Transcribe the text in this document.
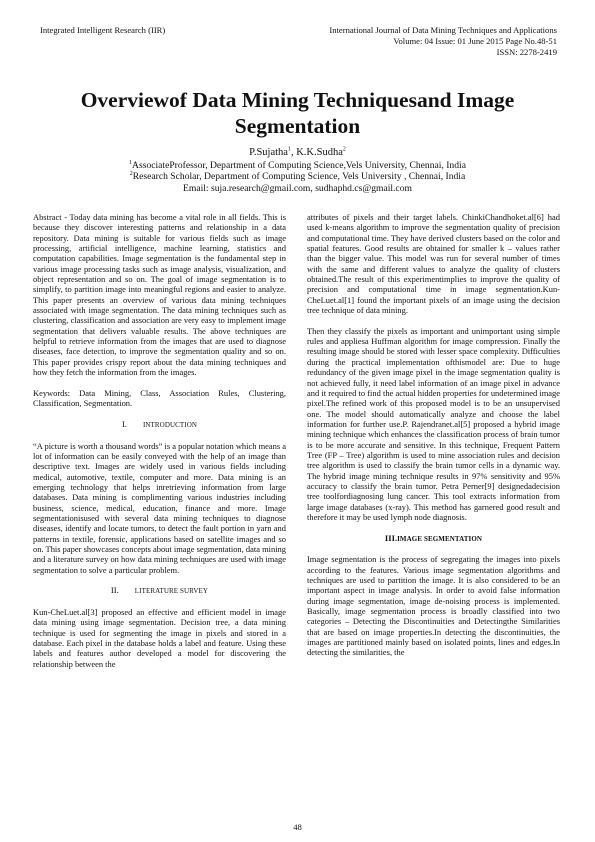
Integrated Intelligent Research (IIR)	International Journal of Data Mining Techniques and Applications
Volume: 04 Issue: 01 June 2015 Page No.48-51
ISSN: 2278-2419
Overviewof Data Mining Techniquesand Image Segmentation
P.Sujatha$^1$, K.K.Sudha$^2$
$^1$AssociateProfessor, Department of Computing Science,Vels University, Chennai, India
$^2$Research Scholar, Department of Computing Science, Vels University , Chennai, India
Email: suja.research@gmail.com, sudhaphd.cs@gmail.com

Abstract - Today data mining has become a vital role in all fields. This is because they discover interesting patterns and relationship in a data repository. Data mining is suitable for various fields such as image processing, artificial intelligence, machine learning, statistics and computation capabilities. Image segmentation is the fundamental step in various image processing tasks such as image analysis, visualization, and object representation and so on. The goal of image segmentation is to simplify, to partition image into meaningful regions and easier to analyze. This paper presents an overview of various data mining techniques associated with image segmentation. The data mining techniques such as clustering, classification and association are very easy to implement image segmentation that delivers valuable results. The above techniques are helpful to retrieve information from the images that are used to diagnose diseases, face detection, to improve the segmentation quality and so on. This paper provides crispy report about the data mining techniques and how they fetch the information from the images.

Keywords: Data Mining, Class, Association Rules, Clustering, Classification, Segmentation.

I. INTRODUCTION

“A picture is worth a thousand words” is a popular notation which means a lot of information can be easily conveyed with the help of an image than descriptive text. Images are widely used in various fields including medical, automotive, textile, computer and more. Data mining is an emerging technology that helps inretrieving information from large databases. Data mining is complimenting various industries including business, science, medical, education, finance and more. Image segmentationisused with several data mining techniques to diagnose diseases, identify and locate tumors, to detect the fault portion in yarn and patterns in textile, forensic, applications based on satellite images and so on. This paper showcases concepts about image segmentation, data mining and a literature survey on how data mining techniques are used with image segmentation to solve a particular problem.

II. LITERATURE SURVEY

Kun-CheLuet.al[3] proposed an effective and efficient model in image data mining using image segmentation. Decision tree, a data mining technique is used for segmenting the image in pixels and stored in a database. Each pixel in the database holds a label and feature. Using these labels and features author developed a model for discovering the relationship between the

attributes of pixels and their target labels. ChinkiChandhoket.al[6] had used k-means algorithm to improve the segmentation quality of precision and computational time. They have derived clusters based on the color and spatial features. Good results are obtained for smaller k – values rather than the bigger value. This model was run for several number of times with the same and different values to analyze the quality of clusters obtained.The result of this experimentimplies to improve the quality of precision and computational time in image segmentation.Kun-CheLuet.al[1] found the important pixels of an image using the decision tree technique of data mining.

Then they classify the pixels as important and unimportant using simple rules and appliesa Huffman algorithm for image compression. Finally the resulting image should be stored with lesser space complexity. Difficulties during the practical implementation ofthismodel are: Due to huge redundancy of the given image pixel in the image segmentation quality is not achieved fully, it need label information of an image pixel in advance and it required to find the actual hidden properties for undetermined image pixel.The refined work of this proposed model is to be an unsupervised one. The model should automatically analyze and choose the label information for further use.P. Rajendranet.al[5] proposed a hybrid image mining technique which enhances the classification process of brain tumor is to be more accurate and sensitive. In this technique, Frequent Pattern Tree (FP – Tree) algorithm is used to mine association rules and decision tree algorithm is used to classify the brain tumor cells in a dynamic way. The hybrid image mining technique results in 97% sensitivity and 95% accuracy to classify the brain tumor. Petra Perner[9] designedadecision tree toolfordiagnosing lung cancer. This tool extracts information from large image databases (x-ray). This method has garnered good result and therefore it may be used lymph node diagnosis.

III.IMAGE SEGMENTATION

Image segmentation is the process of segregating the images into pixels according to the features. Various image segmentation algorithms and techniques are used to partition the image. It is also considered to be an important aspect in image analysis. In order to avoid false information during image segmentation, image de-noising process is implemented. Basically, image segmentation process is broadly classified into two categories – Detecting the Discontinuities and Detectingthe Similarities that are based on image properties.In detecting the discontinuities, the images are partitioned mainly based on isolated points, lines and edges.In detecting the similarities, the

48
